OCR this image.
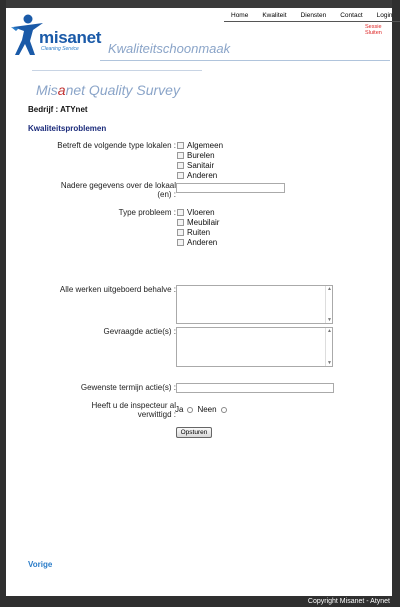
misanet
Cleaning Service
Home	Kwaliteit	Diensten	Contact	Login
Sessie
Sluiten
Kwaliteitschoonmaak
Misanet Quality Survey
Bedrijf : ATYnet
Kwaliteitsproblemen
Betreft de volgende type lokalen : Algemeen
Burelen
Sanitair
Anderen
Nadere gegevens over de lokaal
(en) :
Type probleem : Vloeren
Meubilair
Ruiten
Anderen
Alle werken uitgeboerd behalve :	▲
▼
Gevraagde actie(s) :	▲
▼
Gewenste termijn actie(s) :
Heeft u de inspecteur al
verwittigd :
Ja Neen
Opsturen
Vorige
Copyright Misanet - Atynet
